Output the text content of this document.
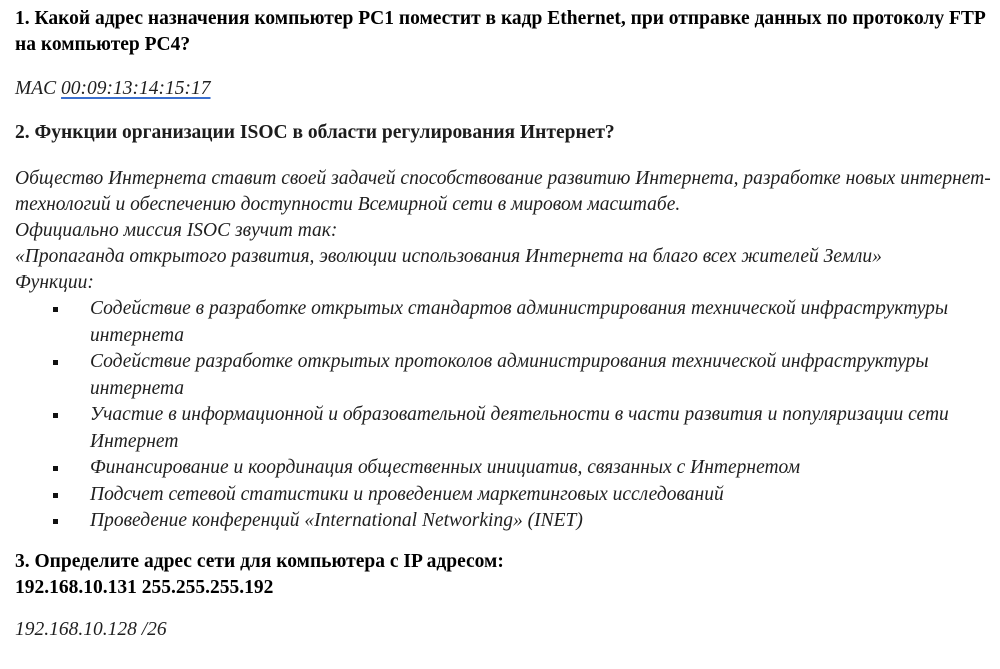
1. Какой адрес назначения компьютер PC1 поместит в кадр Ethernet, при отправке данных по протоколу FTP на компьютер PC4?

MAC 00:09:13:14:15:17

2. Функции организации ISOC в области регулирования Интернет?

Общество Интернета ставит своей задачей способствование развитию Интернета, разработке новых интернет-технологий и обеспечению доступности Всемирной сети в мировом масштабе.

Официально миссия ISOC звучит так:

«Пропаганда открытого развития, эволюции использования Интернета на благо всех жителей Земли»

Функции:

Содействие в разработке открытых стандартов администрирования технической инфраструктуры интернета
Содействие разработке открытых протоколов администрирования технической инфраструктуры интернета
Участие в информационной и образовательной деятельности в части развития и популяризации сети Интернет
Финансирование и координация общественных инициатив, связанных с Интернетом
Подсчет сетевой статистики и проведением маркетинговых исследований
Проведение конференций «International Networking» (INET)

3. Определите адрес сети для компьютера с IP адресом:

192.168.10.131 255.255.255.192

192.168.10.128 /26
